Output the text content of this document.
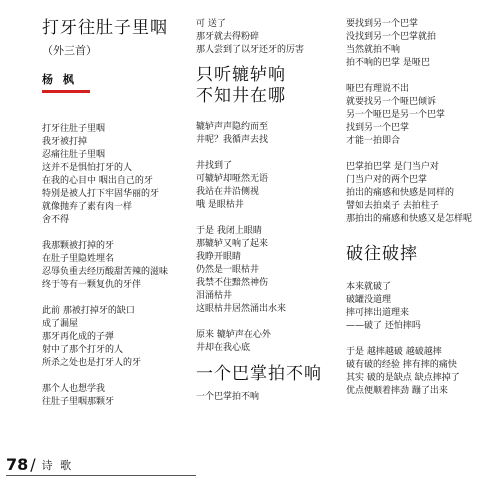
打牙往肚子里咽
（外三首）
杨 枫
打牙往肚子里咽
我牙被打掉
忍痛往肚子里咽
这并不是惧怕打牙的人
在我的心目中 咽出自己的牙
特别是被人打下牢固华丽的牙
就像抛弃了素有肉一样
舍不得
我那颗被打掉的牙
在肚子里隐姓埋名
忍辱负重去经历酸甜苦辣的滋味
终于等有一颗复仇的牙伴
此前 那被打掉牙的缺口
成了漏屋
那牙再化成的子弹
射中了那个打牙的人
所杀之处也是打牙人的牙
那个人也想学我
往肚子里咽那颗牙
可 送了
那牙就去得粉碎
那人尝到了以牙还牙的厉害
只听辘轳响
不知井在哪
辘轳声声隐约而至
井呢？我循声去找
井找到了
可辘轳却哑然无语
我站在井沿侧视
哦 是眼枯井
于是 我闭上眼睛
那辘轳又响了起来
我睁开眼睛
仍然是一眼枯井
我禁不住黯然神伤
泪涌枯井
这眼枯井居然涌出水来
原来 辘轳声在心外
井却在我心底
一个巴掌拍不响
一个巴掌拍不响
要找到另一个巴掌
没找到另一个巴掌就拍
当然就拍不响
拍不响的巴掌 是哑巴
哑巴有理说不出
就要找另一个哑巴倾诉
另一个哑巴是另一个巴掌
找到另一个巴掌
才能一拍即合
巴掌拍巴掌 是门当户对
门当户对的两个巴掌
拍出的痛感和快感是同样的
譬如去拍桌子 去拍柱子
那拍出的痛感和快感又是怎样呢
破往破摔
本来就破了
破罐没道理
摔可摔出道理来
——破了 还怕摔吗
于是 越摔越破 越破越摔
破有破的经验 摔有摔的痛快
其实 破的是缺点 缺点摔掉了
优点便顺着摔劲 蹦了出来
78 / 诗 歌
